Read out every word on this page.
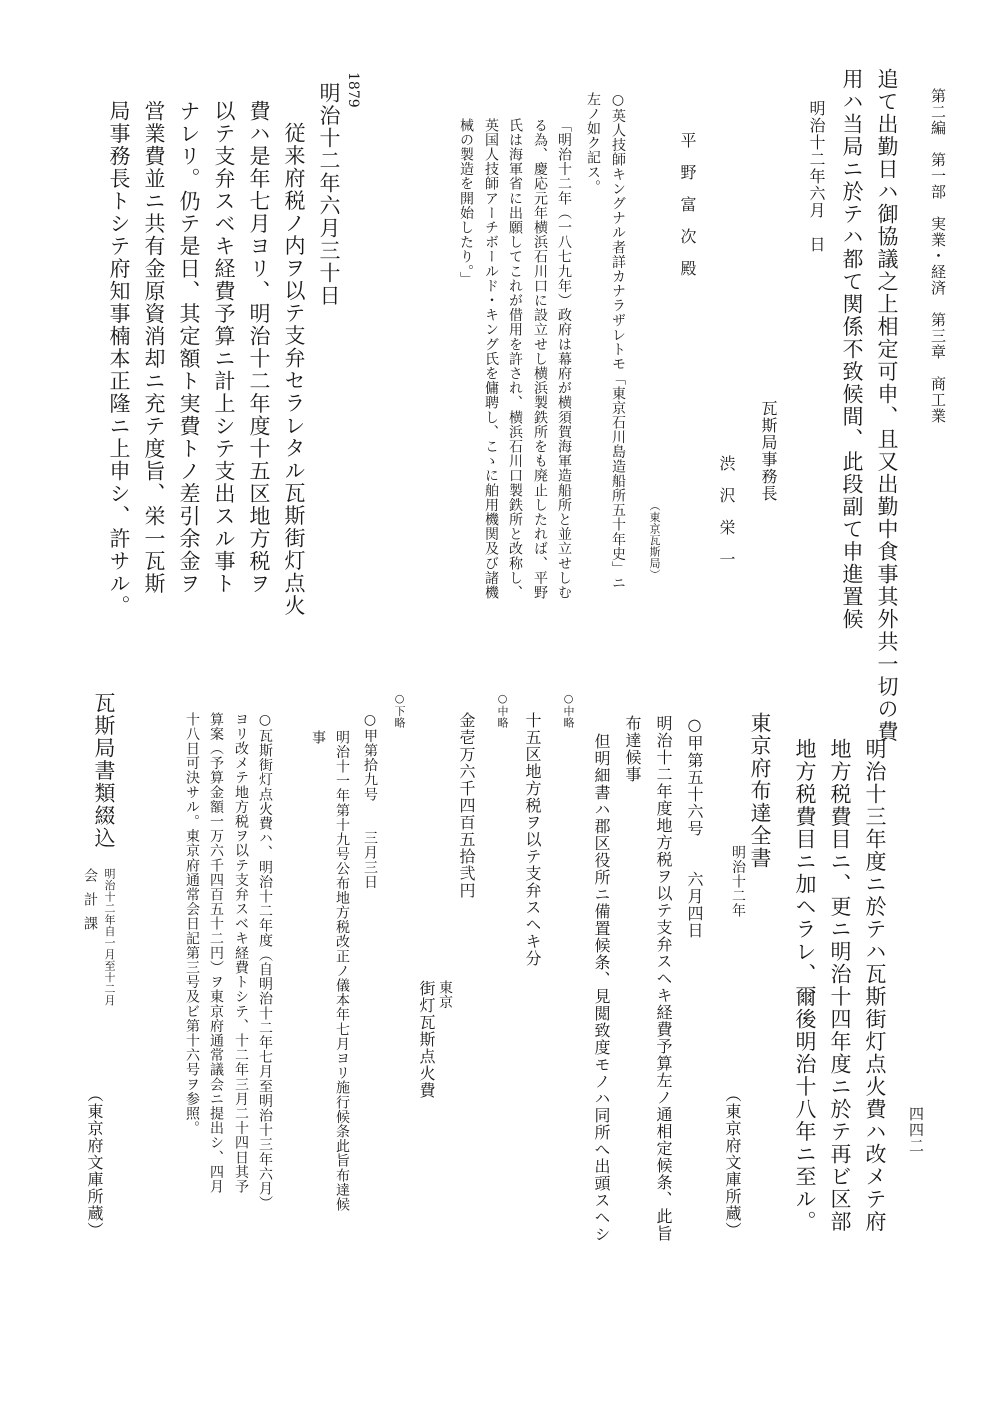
第二編　第一部　実業・経済　第三章　商工業
四四二
追て出勤日ハ御協議之上相定可申、且又出勤中食事其外共一切の費
用ハ当局ニ於テハ都て関係不致候間、此段副て申進置候
明治十二年六月　日
瓦斯局事務長
渋沢栄一
平野富次殿
（東京瓦斯局）
○英人技師キングナル者詳カナラザレトモ「東京石川島造船所五十年史」ニ
左ノ如ク記ス。
「明治十二年（一八七九年）政府は幕府が横須賀海軍造船所と並立せしむ
る為、慶応元年横浜石川口に設立せし横浜製鉄所をも廃止したれば、平野
氏は海軍省に出願してこれが借用を許され、横浜石川口製鉄所と改称し、
英国人技師アーチボールド・キング氏を傭聘し、こゝに舶用機関及び諸機
械の製造を開始したり。」
1879
明治十二年六月三十日
従来府税ノ内ヲ以テ支弁セラレタル瓦斯街灯点火
費ハ是年七月ヨリ、明治十二年度十五区地方税ヲ
以テ支弁スベキ経費予算ニ計上シテ支出スル事ト
ナレリ。仍テ是日、其定額ト実費トノ差引余金ヲ
営業費並ニ共有金原資消却ニ充テ度旨、栄一瓦斯
局事務長トシテ府知事楠本正隆ニ上申シ、許サル。
明治十三年度ニ於テハ瓦斯街灯点火費ハ改メテ府
地方税費目ニ、更ニ明治十四年度ニ於テ再ビ区部
地方税費目ニ加ヘラレ、爾後明治十八年ニ至ル。
東京府布達全書
明治十二年
（東京府文庫所蔵）
○甲第五十六号　　六月四日
明治十二年度地方税ヲ以テ支弁スヘキ経費予算左ノ通相定候条、此旨
布達候事
但明細書ハ郡区役所ニ備置候条、見閲致度モノハ同所へ出頭スヘシ
○中略
十五区地方税ヲ以テ支弁スヘキ分
○中略
金壱万六千四百五拾弐円
東京
街灯瓦斯点火費
○下略
○甲第拾九号　　三月三日
明治十一年第十九号公布地方税改正ノ儀本年七月ヨリ施行候条此旨布達候
事
○瓦斯街灯点火費ハ、明治十二年度（自明治十二年七月至明治十三年六月）
ヨリ改メテ地方税ヲ以テ支弁スベキ経費トシテ、十二年三月二十四日其予
算案（予算金額一万六千四百五十二円）ヲ東京府通常議会ニ提出シ、四月
十八日可決サル。東京府通常会日記第三号及ビ第十六号ヲ参照。
瓦斯局書類綴込
明治十二年自一月至十二月
会計課
（東京府文庫所蔵）
